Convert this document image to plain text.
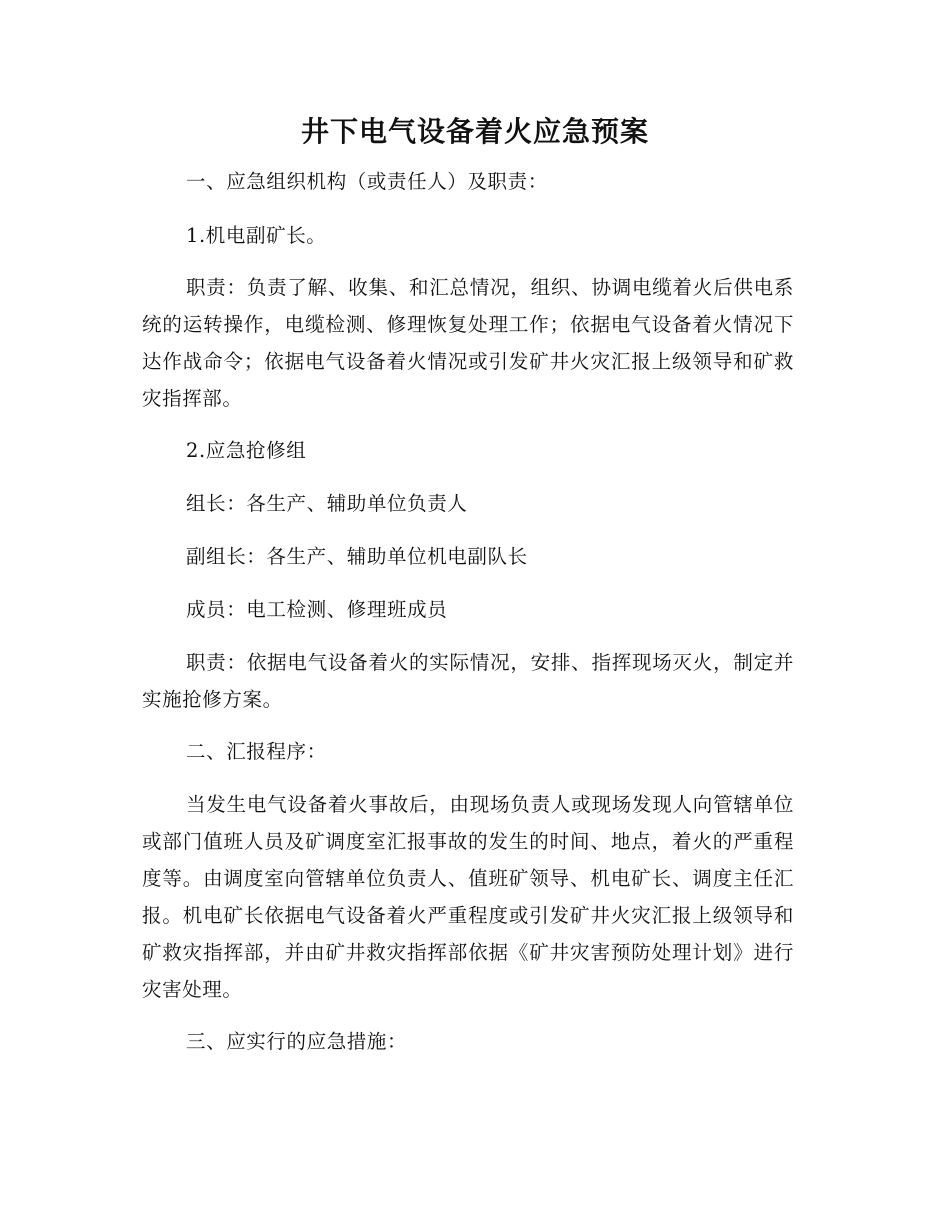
井下电气设备着火应急预案

一、应急组织机构（或责任人）及职责：

1.机电副矿长。

职责：负责了解、收集、和汇总情况，组织、协调电缆着火后供电系统的运转操作，电缆检测、修理恢复处理工作；依据电气设备着火情况下达作战命令；依据电气设备着火情况或引发矿井火灾汇报上级领导和矿救灾指挥部。

2.应急抢修组

组长：各生产、辅助单位负责人

副组长：各生产、辅助单位机电副队长

成员：电工检测、修理班成员

职责：依据电气设备着火的实际情况，安排、指挥现场灭火，制定并实施抢修方案。

二、汇报程序：

当发生电气设备着火事故后，由现场负责人或现场发现人向管辖单位或部门值班人员及矿调度室汇报事故的发生的时间、地点，着火的严重程度等。由调度室向管辖单位负责人、值班矿领导、机电矿长、调度主任汇报。机电矿长依据电气设备着火严重程度或引发矿井火灾汇报上级领导和矿救灾指挥部，并由矿井救灾指挥部依据《矿井灾害预防处理计划》进行灾害处理。

三、应实行的应急措施：
